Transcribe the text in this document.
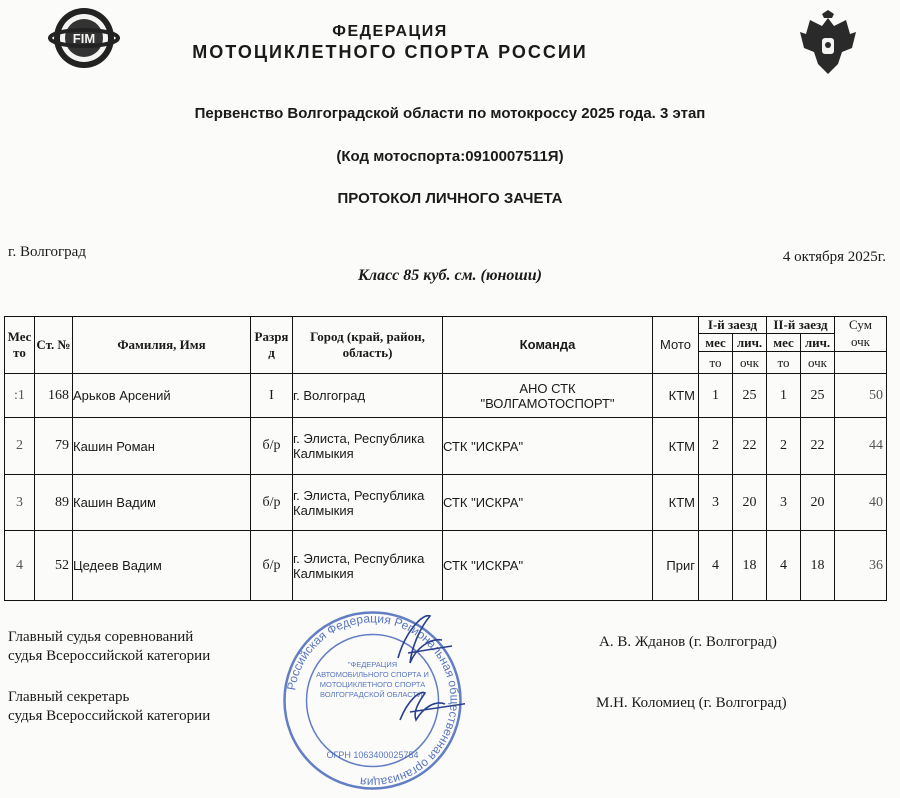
FIM	ФЕДЕРАЦИЯ
МОТОЦИКЛЕТНОГО СПОРТА РОССИИ
Первенство Волгоградской области по мотокроссу 2025 года. 3 этап
(Код мотоспорта:0910007511Я)
ПРОТОКОЛ ЛИЧНОГО ЗАЧЕТА
г. Волгоград	4 октября 2025г.
Класс 85 куб. см. (юноши)
Мес то	Ст. №	Фамилия, Имя	Разря д	Город (край, район, область)	Команда	Мото	I-й заезд		II-й заезд		Сум
							мес	лич.	мес	лич.	очк
							то	очк	то	очк	
:1	168	Арьков Арсений	I	г. Волгоград	АНО СТК "ВОЛГАМОТОСПОРТ"	КТМ	1	25	1	25	50
2	79	Кашин Роман	б/р	г. Элиста, Республика Калмыкия	СТК "ИСКРА"	КТМ	2	22	2	22	44
3	89	Кашин Вадим	б/р	г. Элиста, Республика Калмыкия	СТК "ИСКРА"	КТМ	3	20	3	20	40
4	52	Цедеев Вадим	б/р	г. Элиста, Республика Калмыкия	СТК "ИСКРА"	Приг	4	18	4	18	36
Главный судья соревнований
судья Всероссийской категории
А. В. Жданов (г. Волгоград)
Главный секретарь
судья Всероссийской категории
М.Н. Коломиец (г. Волгоград)
Российская Федерация Региональная общественная организация
"ФЕДЕРАЦИЯ АВТОМОБИЛЬНОГО СПОРТА И МОТОЦИКЛЕТНОГО СПОРТА ВОЛГОГРАДСКОЙ ОБЛАСТИ"
ОГРН 1063400025754
